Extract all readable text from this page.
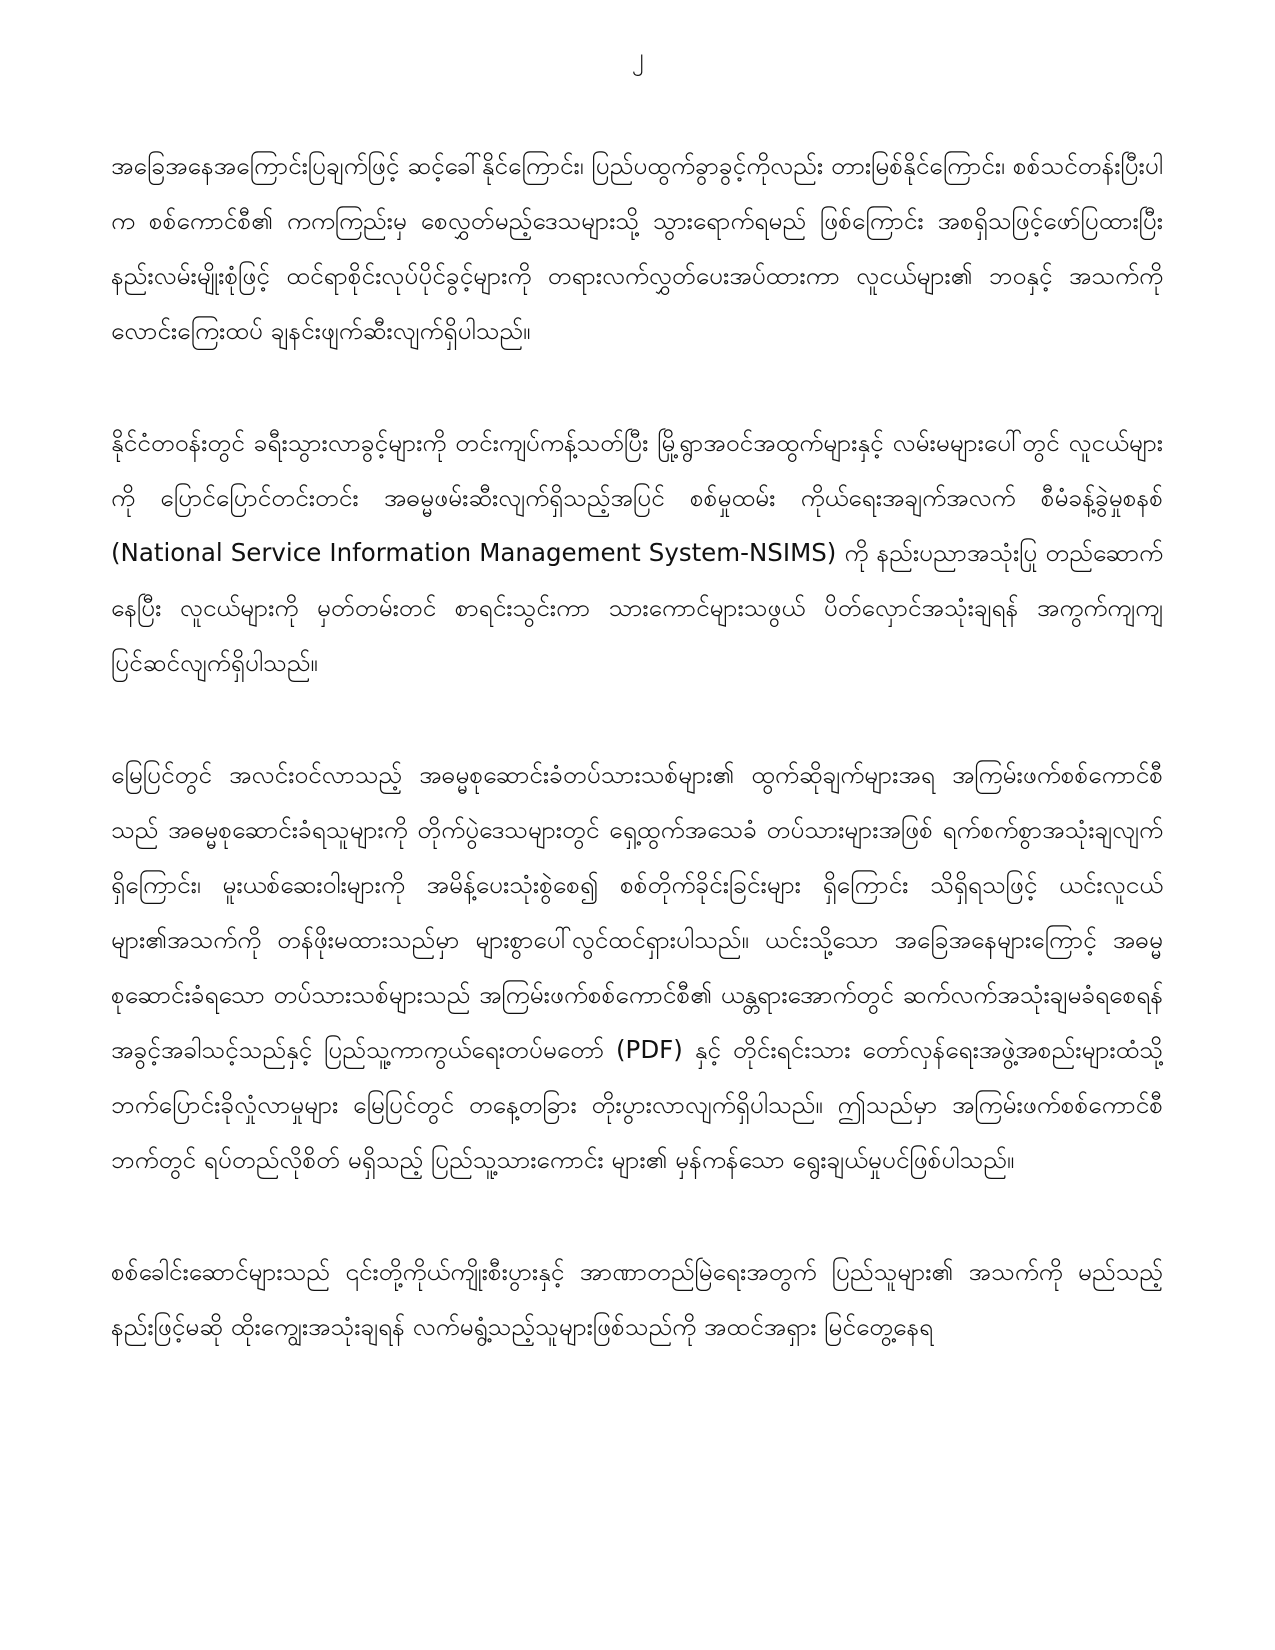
၂

အခြေအနေအကြောင်းပြချက်ဖြင့် ဆင့်ခေါ်နိုင်ကြောင်း၊ ပြည်ပထွက်ခွာခွင့်ကိုလည်း တားမြစ်နိုင်ကြောင်း၊ စစ်သင်တန်းပြီးပါက စစ်ကောင်စီ၏ ကကကြည်းမှ စေလွှတ်မည့်ဒေသများသို့ သွားရောက်ရမည် ဖြစ်ကြောင်း အစရှိသဖြင့်ဖော်ပြထားပြီး နည်းလမ်းမျိုးစုံဖြင့် ထင်ရာစိုင်းလုပ်ပိုင်ခွင့်များကို တရားလက်လွှတ်ပေးအပ်ထားကာ လူငယ်များ၏ ဘဝနှင့် အသက်ကို လောင်းကြေးထပ် ချနင်းဖျက်ဆီးလျက်ရှိပါသည်။

နိုင်ငံတဝန်းတွင် ခရီးသွားလာခွင့်များကို တင်းကျပ်ကန့်သတ်ပြီး မြို့ရွာအဝင်အထွက်များနှင့် လမ်းမများပေါ်တွင် လူငယ်များကို ပြောင်ပြောင်တင်းတင်း အဓမ္မဖမ်းဆီးလျက်ရှိသည့်အပြင် စစ်မှုထမ်း ကိုယ်ရေးအချက်အလက် စီမံခန့်ခွဲမှုစနစ် (National Service Information Management System-NSIMS) ကို နည်းပညာအသုံးပြု တည်ဆောက်နေပြီး လူငယ်များကို မှတ်တမ်းတင် စာရင်းသွင်းကာ သားကောင်များသဖွယ် ပိတ်လှောင်အသုံးချရန် အကွက်ကျကျ ပြင်ဆင်လျက်ရှိပါသည်။

မြေပြင်တွင် အလင်းဝင်လာသည့် အဓမ္မစုဆောင်းခံတပ်သားသစ်များ၏ ထွက်ဆိုချက်များအရ အကြမ်းဖက်စစ်ကောင်စီသည် အဓမ္မစုဆောင်းခံရသူများကို တိုက်ပွဲဒေသများတွင် ရှေ့ထွက်အသေခံ တပ်သားများအဖြစ် ရက်စက်စွာအသုံးချလျက်ရှိကြောင်း၊ မူးယစ်ဆေးဝါးများကို အမိန့်ပေးသုံးစွဲစေ၍ စစ်တိုက်ခိုင်းခြင်းများ ရှိကြောင်း သိရှိရသဖြင့် ယင်းလူငယ်များ၏အသက်ကို တန်ဖိုးမထားသည်မှာ များစွာပေါ်လွင်ထင်ရှားပါသည်။ ယင်းသို့သော အခြေအနေများကြောင့် အဓမ္မစုဆောင်းခံရသော တပ်သားသစ်များသည် အကြမ်းဖက်စစ်ကောင်စီ၏ ယန္တရားအောက်တွင် ဆက်လက်အသုံးချမခံရစေရန် အခွင့်အခါသင့်သည်နှင့် ပြည်သူ့ကာကွယ်ရေးတပ်မတော် (PDF) နှင့် တိုင်းရင်းသား တော်လှန်ရေးအဖွဲ့အစည်းများထံသို့ ဘက်ပြောင်းခိုလှုံလာမှုများ မြေပြင်တွင် တနေ့တခြား တိုးပွားလာလျက်ရှိပါသည်။ ဤသည်မှာ အကြမ်းဖက်စစ်ကောင်စီဘက်တွင် ရပ်တည်လိုစိတ် မရှိသည့် ပြည်သူ့သားကောင်း များ၏ မှန်ကန်သော ရွေးချယ်မှုပင်ဖြစ်ပါသည်။

စစ်ခေါင်းဆောင်များသည် ၎င်းတို့ကိုယ်ကျိုးစီးပွားနှင့် အာဏာတည်မြဲရေးအတွက် ပြည်သူများ၏ အသက်ကို မည်သည့်နည်းဖြင့်မဆို ထိုးကျွေးအသုံးချရန် လက်မရွံ့သည့်သူများဖြစ်သည်ကို အထင်အရှား မြင်တွေ့နေရ
